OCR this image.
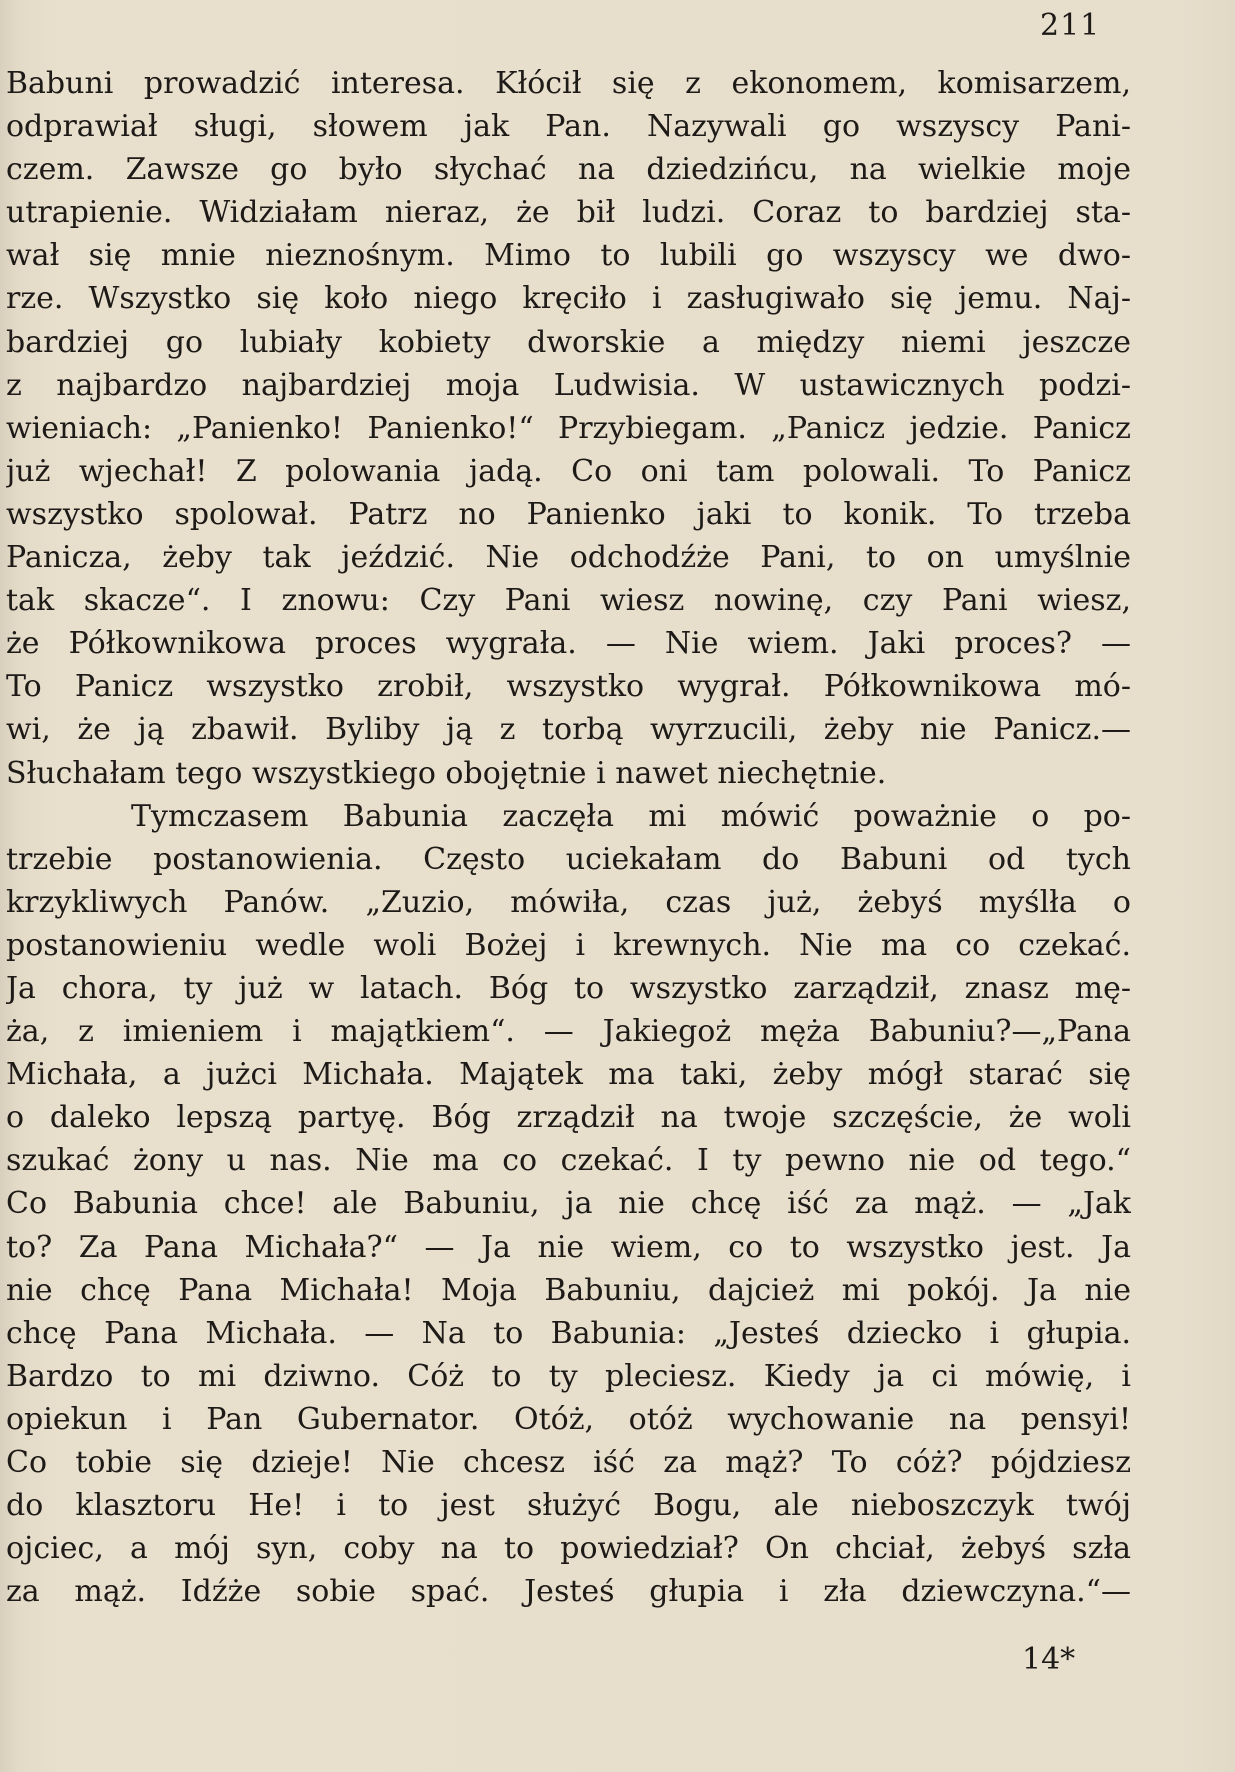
211
Babuni prowadzić interesa. Kłócił się z ekonomem, komisarzem,
odprawiał sługi, słowem jak Pan. Nazywali go wszyscy Pani-
czem. Zawsze go było słychać na dziedzińcu, na wielkie moje
utrapienie. Widziałam nieraz, że bił ludzi. Coraz to bardziej sta-
wał się mnie nieznośnym. Mimo to lubili go wszyscy we dwo-
rze. Wszystko się koło niego kręciło i zasługiwało się jemu. Naj-
bardziej go lubiały kobiety dworskie a między niemi jeszcze
z najbardzo najbardziej moja Ludwisia. W ustawicznych podzi-
wieniach: „Panienko! Panienko!“ Przybiegam. „Panicz jedzie. Panicz
już wjechał! Z polowania jadą. Co oni tam polowali. To Panicz
wszystko spolował. Patrz no Panienko jaki to konik. To trzeba
Panicza, żeby tak jeździć. Nie odchodźże Pani, to on umyślnie
tak skacze“. I znowu: Czy Pani wiesz nowinę, czy Pani wiesz,
że Półkownikowa proces wygrała. — Nie wiem. Jaki proces? —
To Panicz wszystko zrobił, wszystko wygrał. Półkownikowa mó-
wi, że ją zbawił. Byliby ją z torbą wyrzucili, żeby nie Panicz.—
Słuchałam tego wszystkiego obojętnie i nawet niechętnie.
Tymczasem Babunia zaczęła mi mówić poważnie o po-
trzebie postanowienia. Często uciekałam do Babuni od tych
krzykliwych Panów. „Zuzio, mówiła, czas już, żebyś myślła o
postanowieniu wedle woli Bożej i krewnych. Nie ma co czekać.
Ja chora, ty już w latach. Bóg to wszystko zarządził, znasz mę-
ża, z imieniem i majątkiem“. — Jakiegoż męża Babuniu?—„Pana
Michała, a jużci Michała. Majątek ma taki, żeby mógł starać się
o daleko lepszą partyę. Bóg zrządził na twoje szczęście, że woli
szukać żony u nas. Nie ma co czekać. I ty pewno nie od tego.“
Co Babunia chce! ale Babuniu, ja nie chcę iść za mąż. — „Jak
to? Za Pana Michała?“ — Ja nie wiem, co to wszystko jest. Ja
nie chcę Pana Michała! Moja Babuniu, dajcież mi pokój. Ja nie
chcę Pana Michała. — Na to Babunia: „Jesteś dziecko i głupia.
Bardzo to mi dziwno. Cóż to ty pleciesz. Kiedy ja ci mówię, i
opiekun i Pan Gubernator. Otóż, otóż wychowanie na pensyi!
Co tobie się dzieje! Nie chcesz iść za mąż? To cóż? pójdziesz
do klasztoru He! i to jest służyć Bogu, ale nieboszczyk twój
ojciec, a mój syn, coby na to powiedział? On chciał, żebyś szła
za mąż. Idźże sobie spać. Jesteś głupia i zła dziewczyna.“—
14*
